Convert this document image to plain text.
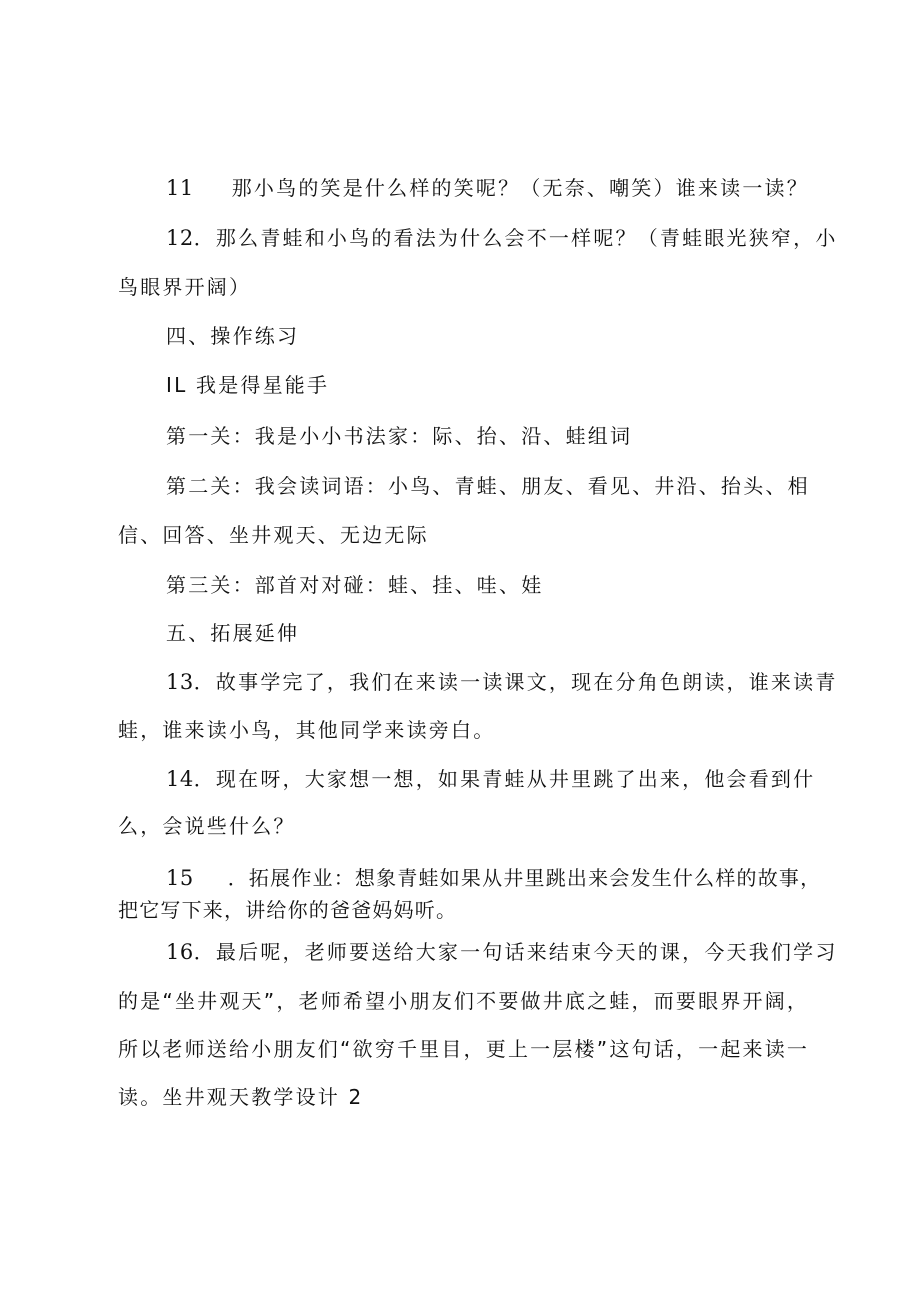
11 那小鸟的笑是什么样的笑呢？（无奈、嘲笑）谁来读一读？
12．那么青蛙和小鸟的看法为什么会不一样呢？（青蛙眼光狭窄，小
鸟眼界开阔）
四、操作练习
IL 我是得星能手
第一关：我是小小书法家：际、抬、沿、蛙组词
第二关：我会读词语：小鸟、青蛙、朋友、看见、井沿、抬头、相
信、回答、坐井观天、无边无际
第三关：部首对对碰：蛙、挂、哇、娃
五、拓展延伸
13．故事学完了，我们在来读一读课文，现在分角色朗读，谁来读青
蛙，谁来读小鸟，其他同学来读旁白。
14．现在呀，大家想一想，如果青蛙从井里跳了出来，他会看到什
么，会说些什么？
15 ．拓展作业：想象青蛙如果从井里跳出来会发生什么样的故事，
把它写下来，讲给你的爸爸妈妈听。
16．最后呢，老师要送给大家一句话来结束今天的课，今天我们学习
的是“坐井观天”，老师希望小朋友们不要做井底之蛙，而要眼界开阔，
所以老师送给小朋友们“欲穷千里目，更上一层楼”这句话，一起来读一
读。坐井观天教学设计 2
